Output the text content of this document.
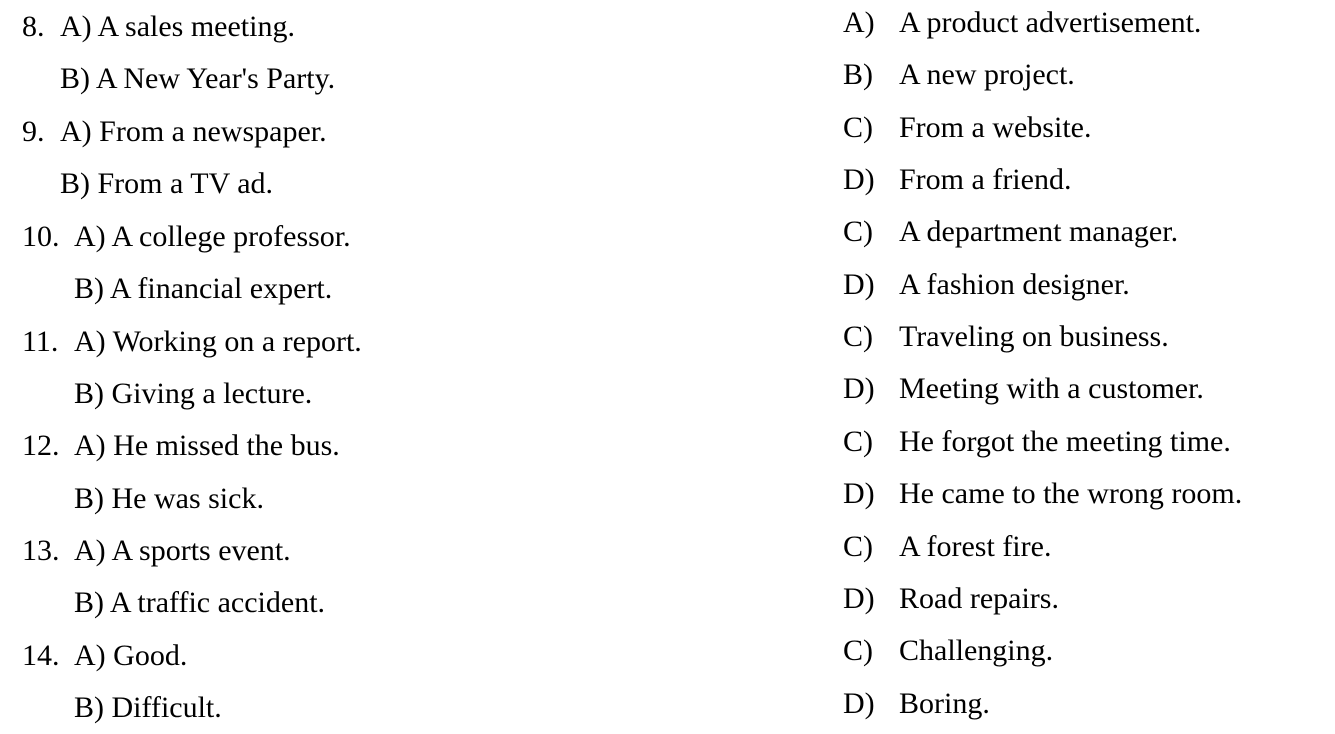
8. A) A sales meeting.
B) A New Year's Party.
9. A) From a newspaper.
B) From a TV ad.
10. A) A college professor.
B) A financial expert.
11. A) Working on a report.
B) Giving a lecture.
12. A) He missed the bus.
B) He was sick.
13. A) A sports event.
B) A traffic accident.
14. A) Good.
B) Difficult.
A) A product advertisement.
B) A new project.
C) From a website.
D) From a friend.
C) A department manager.
D) A fashion designer.
C) Traveling on business.
D) Meeting with a customer.
C) He forgot the meeting time.
D) He came to the wrong room.
C) A forest fire.
D) Road repairs.
C) Challenging.
D) Boring.
